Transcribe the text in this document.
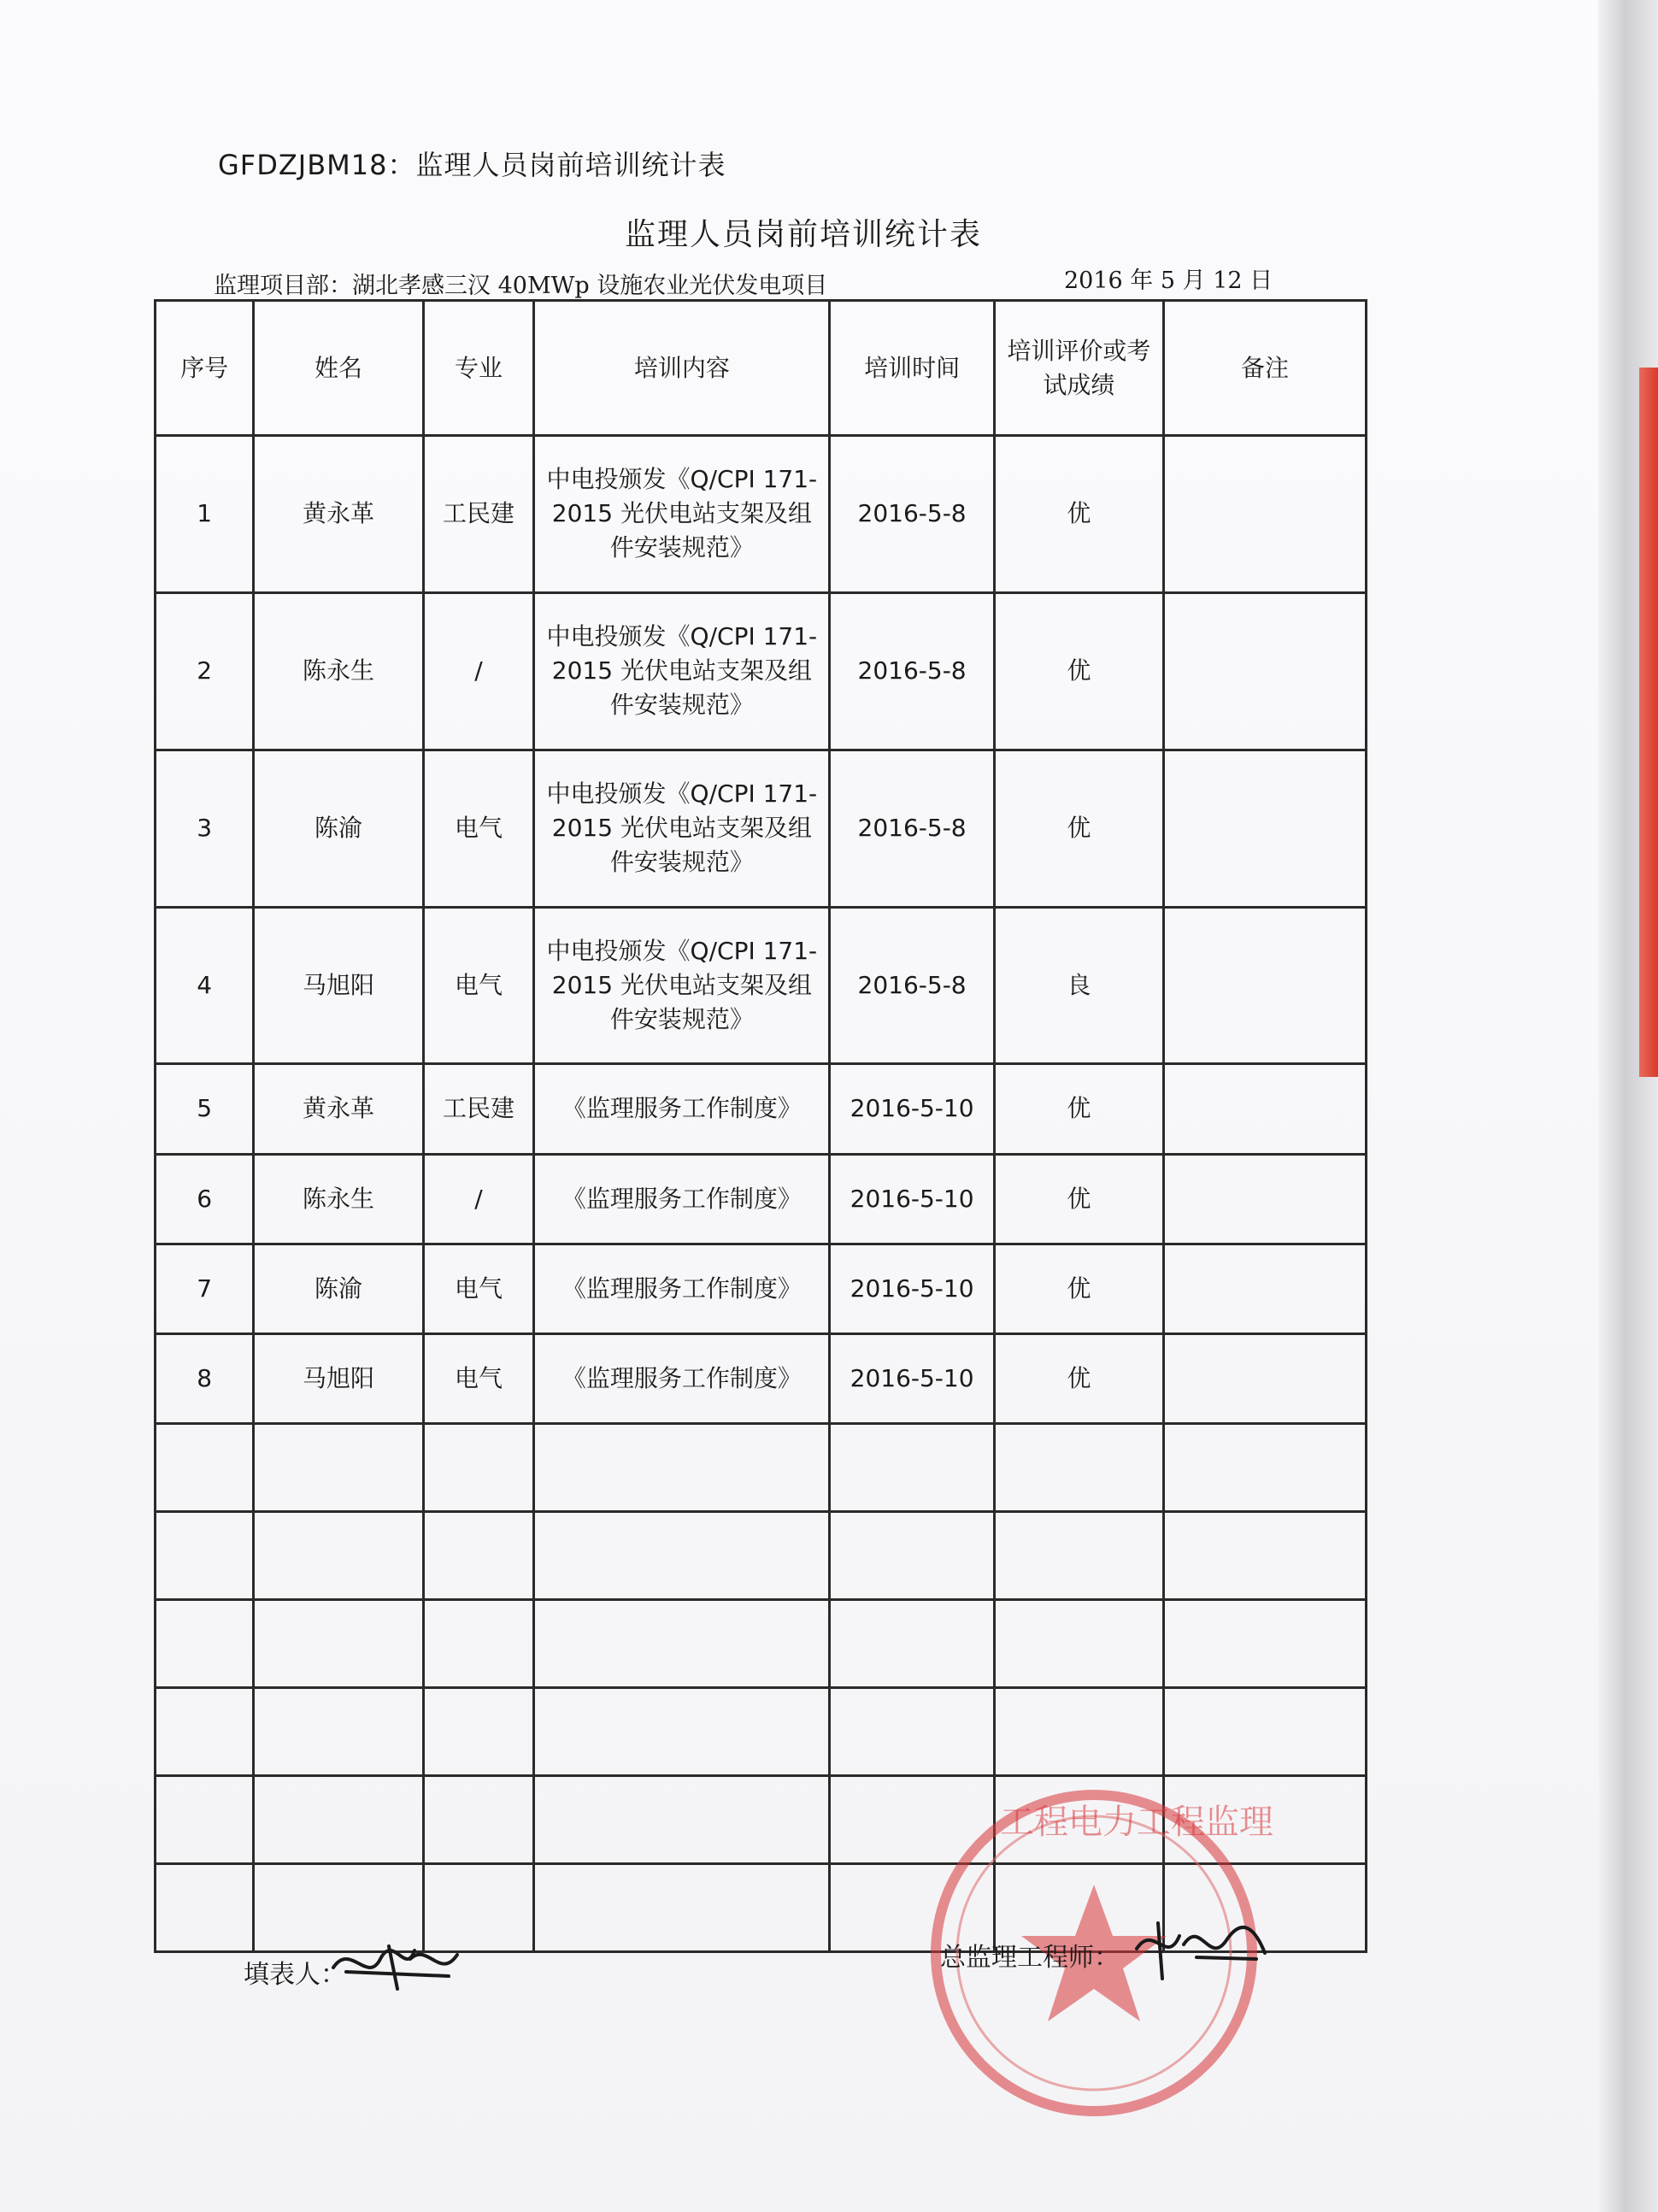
GFDZJBM18：监理人员岗前培训统计表
监理人员岗前培训统计表
监理项目部：湖北孝感三汉 40MWp 设施农业光伏发电项目	2016 年 5 月 12 日
序号	姓名	专业	培训内容	培训时间	培训评价或考试成绩	备注
1	黄永革	工民建	中电投颁发《Q/CPI 171-2015 光伏电站支架及组件安装规范》	2016-5-8	优	
2	陈永生	/	中电投颁发《Q/CPI 171-2015 光伏电站支架及组件安装规范》	2016-5-8	优	
3	陈渝	电气	中电投颁发《Q/CPI 171-2015 光伏电站支架及组件安装规范》	2016-5-8	优	
4	马旭阳	电气	中电投颁发《Q/CPI 171-2015 光伏电站支架及组件安装规范》	2016-5-8	良	
5	黄永革	工民建	《监理服务工作制度》	2016-5-10	优	
6	陈永生	/	《监理服务工作制度》	2016-5-10	优	
7	陈渝	电气	《监理服务工作制度》	2016-5-10	优	
8	马旭阳	电气	《监理服务工作制度》	2016-5-10	优	

工程电力工程监理
填表人：
总监理工程师：
